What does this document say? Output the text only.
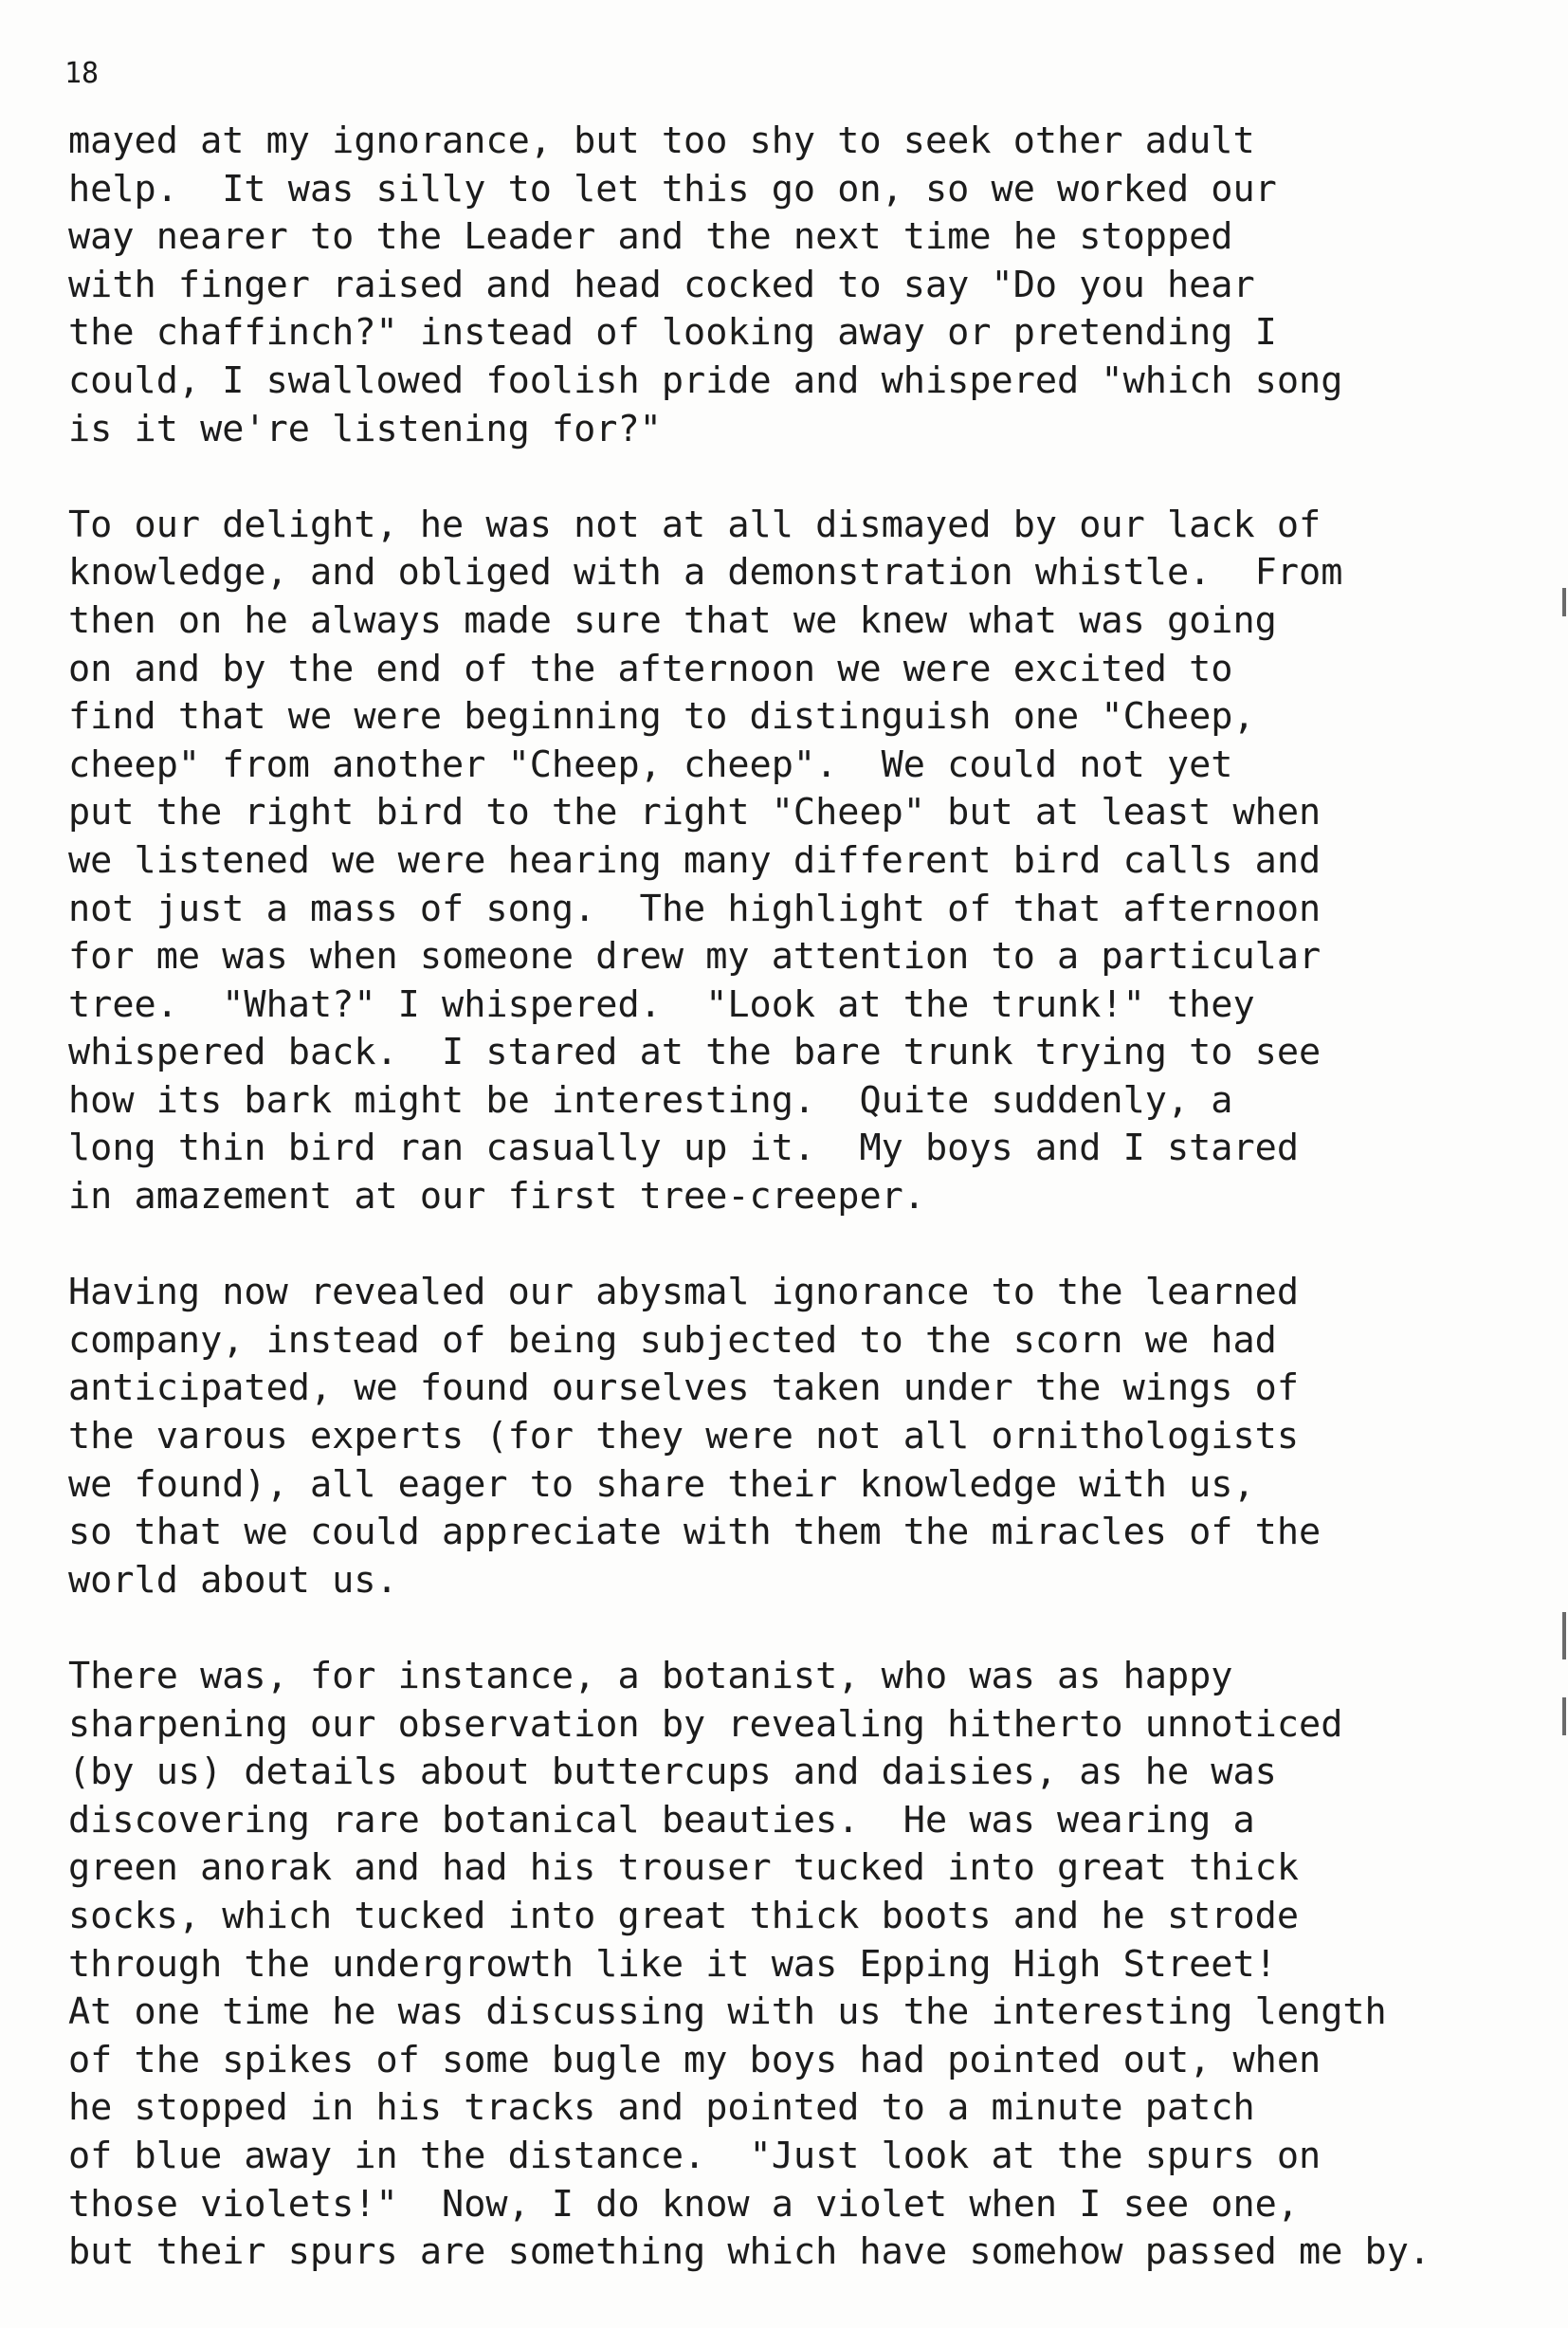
18
mayed at my ignorance, but too shy to seek other adult
help.  It was silly to let this go on, so we worked our
way nearer to the Leader and the next time he stopped
with finger raised and head cocked to say "Do you hear
the chaffinch?" instead of looking away or pretending I
could, I swallowed foolish pride and whispered "which song
is it we're listening for?"
To our delight, he was not at all dismayed by our lack of
knowledge, and obliged with a demonstration whistle.  From
then on he always made sure that we knew what was going
on and by the end of the afternoon we were excited to
find that we were beginning to distinguish one "Cheep,
cheep" from another "Cheep, cheep".  We could not yet
put the right bird to the right "Cheep" but at least when
we listened we were hearing many different bird calls and
not just a mass of song.  The highlight of that afternoon
for me was when someone drew my attention to a particular
tree.  "What?" I whispered.  "Look at the trunk!" they
whispered back.  I stared at the bare trunk trying to see
how its bark might be interesting.  Quite suddenly, a
long thin bird ran casually up it.  My boys and I stared
in amazement at our first tree-creeper.
Having now revealed our abysmal ignorance to the learned
company, instead of being subjected to the scorn we had
anticipated, we found ourselves taken under the wings of
the varous experts (for they were not all ornithologists
we found), all eager to share their knowledge with us,
so that we could appreciate with them the miracles of the
world about us.
There was, for instance, a botanist, who was as happy
sharpening our observation by revealing hitherto unnoticed
(by us) details about buttercups and daisies, as he was
discovering rare botanical beauties.  He was wearing a
green anorak and had his trouser tucked into great thick
socks, which tucked into great thick boots and he strode
through the undergrowth like it was Epping High Street!
At one time he was discussing with us the interesting length
of the spikes of some bugle my boys had pointed out, when
he stopped in his tracks and pointed to a minute patch
of blue away in the distance.  "Just look at the spurs on
those violets!"  Now, I do know a violet when I see one,
but their spurs are something which have somehow passed me by.
